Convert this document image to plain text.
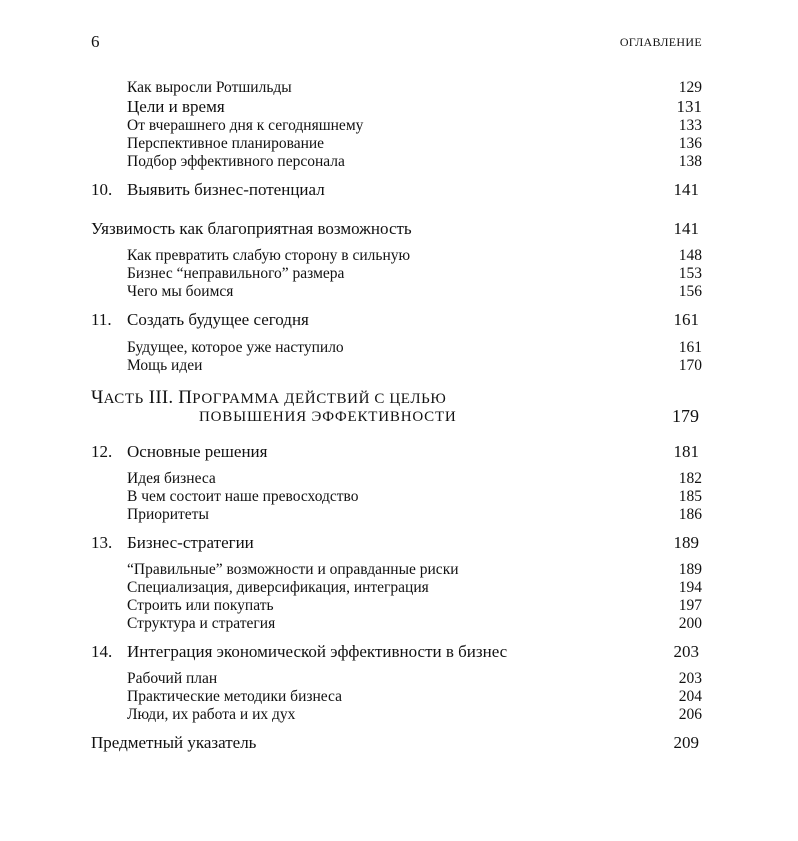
6	ОГЛАВЛЕНИЕ
Как выросли Ротшильды	129
Цели и время	131
От вчерашнего дня к сегодняшнему	133
Перспективное планирование	136
Подбор эффективного персонала	138
10. Выявить бизнес-потенциал	141
Уязвимость как благоприятная возможность	141
Как превратить слабую сторону в сильную	148
Бизнес “неправильного” размера	153
Чего мы боимся	156
11. Создать будущее сегодня	161
Будущее, которое уже наступило	161
Мощь идеи	170
ЧАСТЬ III. ПРОГРАММА ДЕЙСТВИЙ С ЦЕЛЬЮ
ПОВЫШЕНИЯ ЭФФЕКТИВНОСТИ	179
12. Основные решения	181
Идея бизнеса	182
В чем состоит наше превосходство	185
Приоритеты	186
13. Бизнес-стратегии	189
“Правильные” возможности и оправданные риски	189
Специализация, диверсификация, интеграция	194
Строить или покупать	197
Структура и стратегия	200
14. Интеграция экономической эффективности в бизнес	203
Рабочий план	203
Практические методики бизнеса	204
Люди, их работа и их дух	206
Предметный указатель	209
